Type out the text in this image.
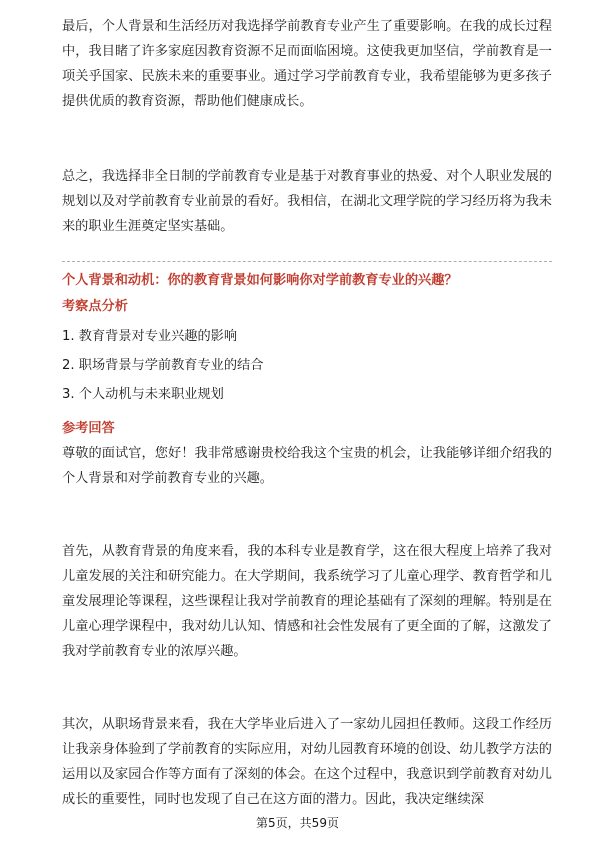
最后，个人背景和生活经历对我选择学前教育专业产生了重要影响。在我的成长过程中，我目睹了许多家庭因教育资源不足而面临困境。这使我更加坚信，学前教育是一项关乎国家、民族未来的重要事业。通过学习学前教育专业，我希望能够为更多孩子提供优质的教育资源，帮助他们健康成长。

总之，我选择非全日制的学前教育专业是基于对教育事业的热爱、对个人职业发展的规划以及对学前教育专业前景的看好。我相信，在湖北文理学院的学习经历将为我未来的职业生涯奠定坚实基础。

个人背景和动机：你的教育背景如何影响你对学前教育专业的兴趣？

考察点分析

1. 教育背景对专业兴趣的影响
2. 职场背景与学前教育专业的结合
3. 个人动机与未来职业规划

参考回答

尊敬的面试官，您好！我非常感谢贵校给我这个宝贵的机会，让我能够详细介绍我的个人背景和对学前教育专业的兴趣。

首先，从教育背景的角度来看，我的本科专业是教育学，这在很大程度上培养了我对儿童发展的关注和研究能力。在大学期间，我系统学习了儿童心理学、教育哲学和儿童发展理论等课程，这些课程让我对学前教育的理论基础有了深刻的理解。特别是在儿童心理学课程中，我对幼儿认知、情感和社会性发展有了更全面的了解，这激发了我对学前教育专业的浓厚兴趣。

其次，从职场背景来看，我在大学毕业后进入了一家幼儿园担任教师。这段工作经历让我亲身体验到了学前教育的实际应用，对幼儿园教育环境的创设、幼儿教学方法的运用以及家园合作等方面有了深刻的体会。在这个过程中，我意识到学前教育对幼儿成长的重要性，同时也发现了自己在这方面的潜力。因此，我决定继续深

第5页，共59页
